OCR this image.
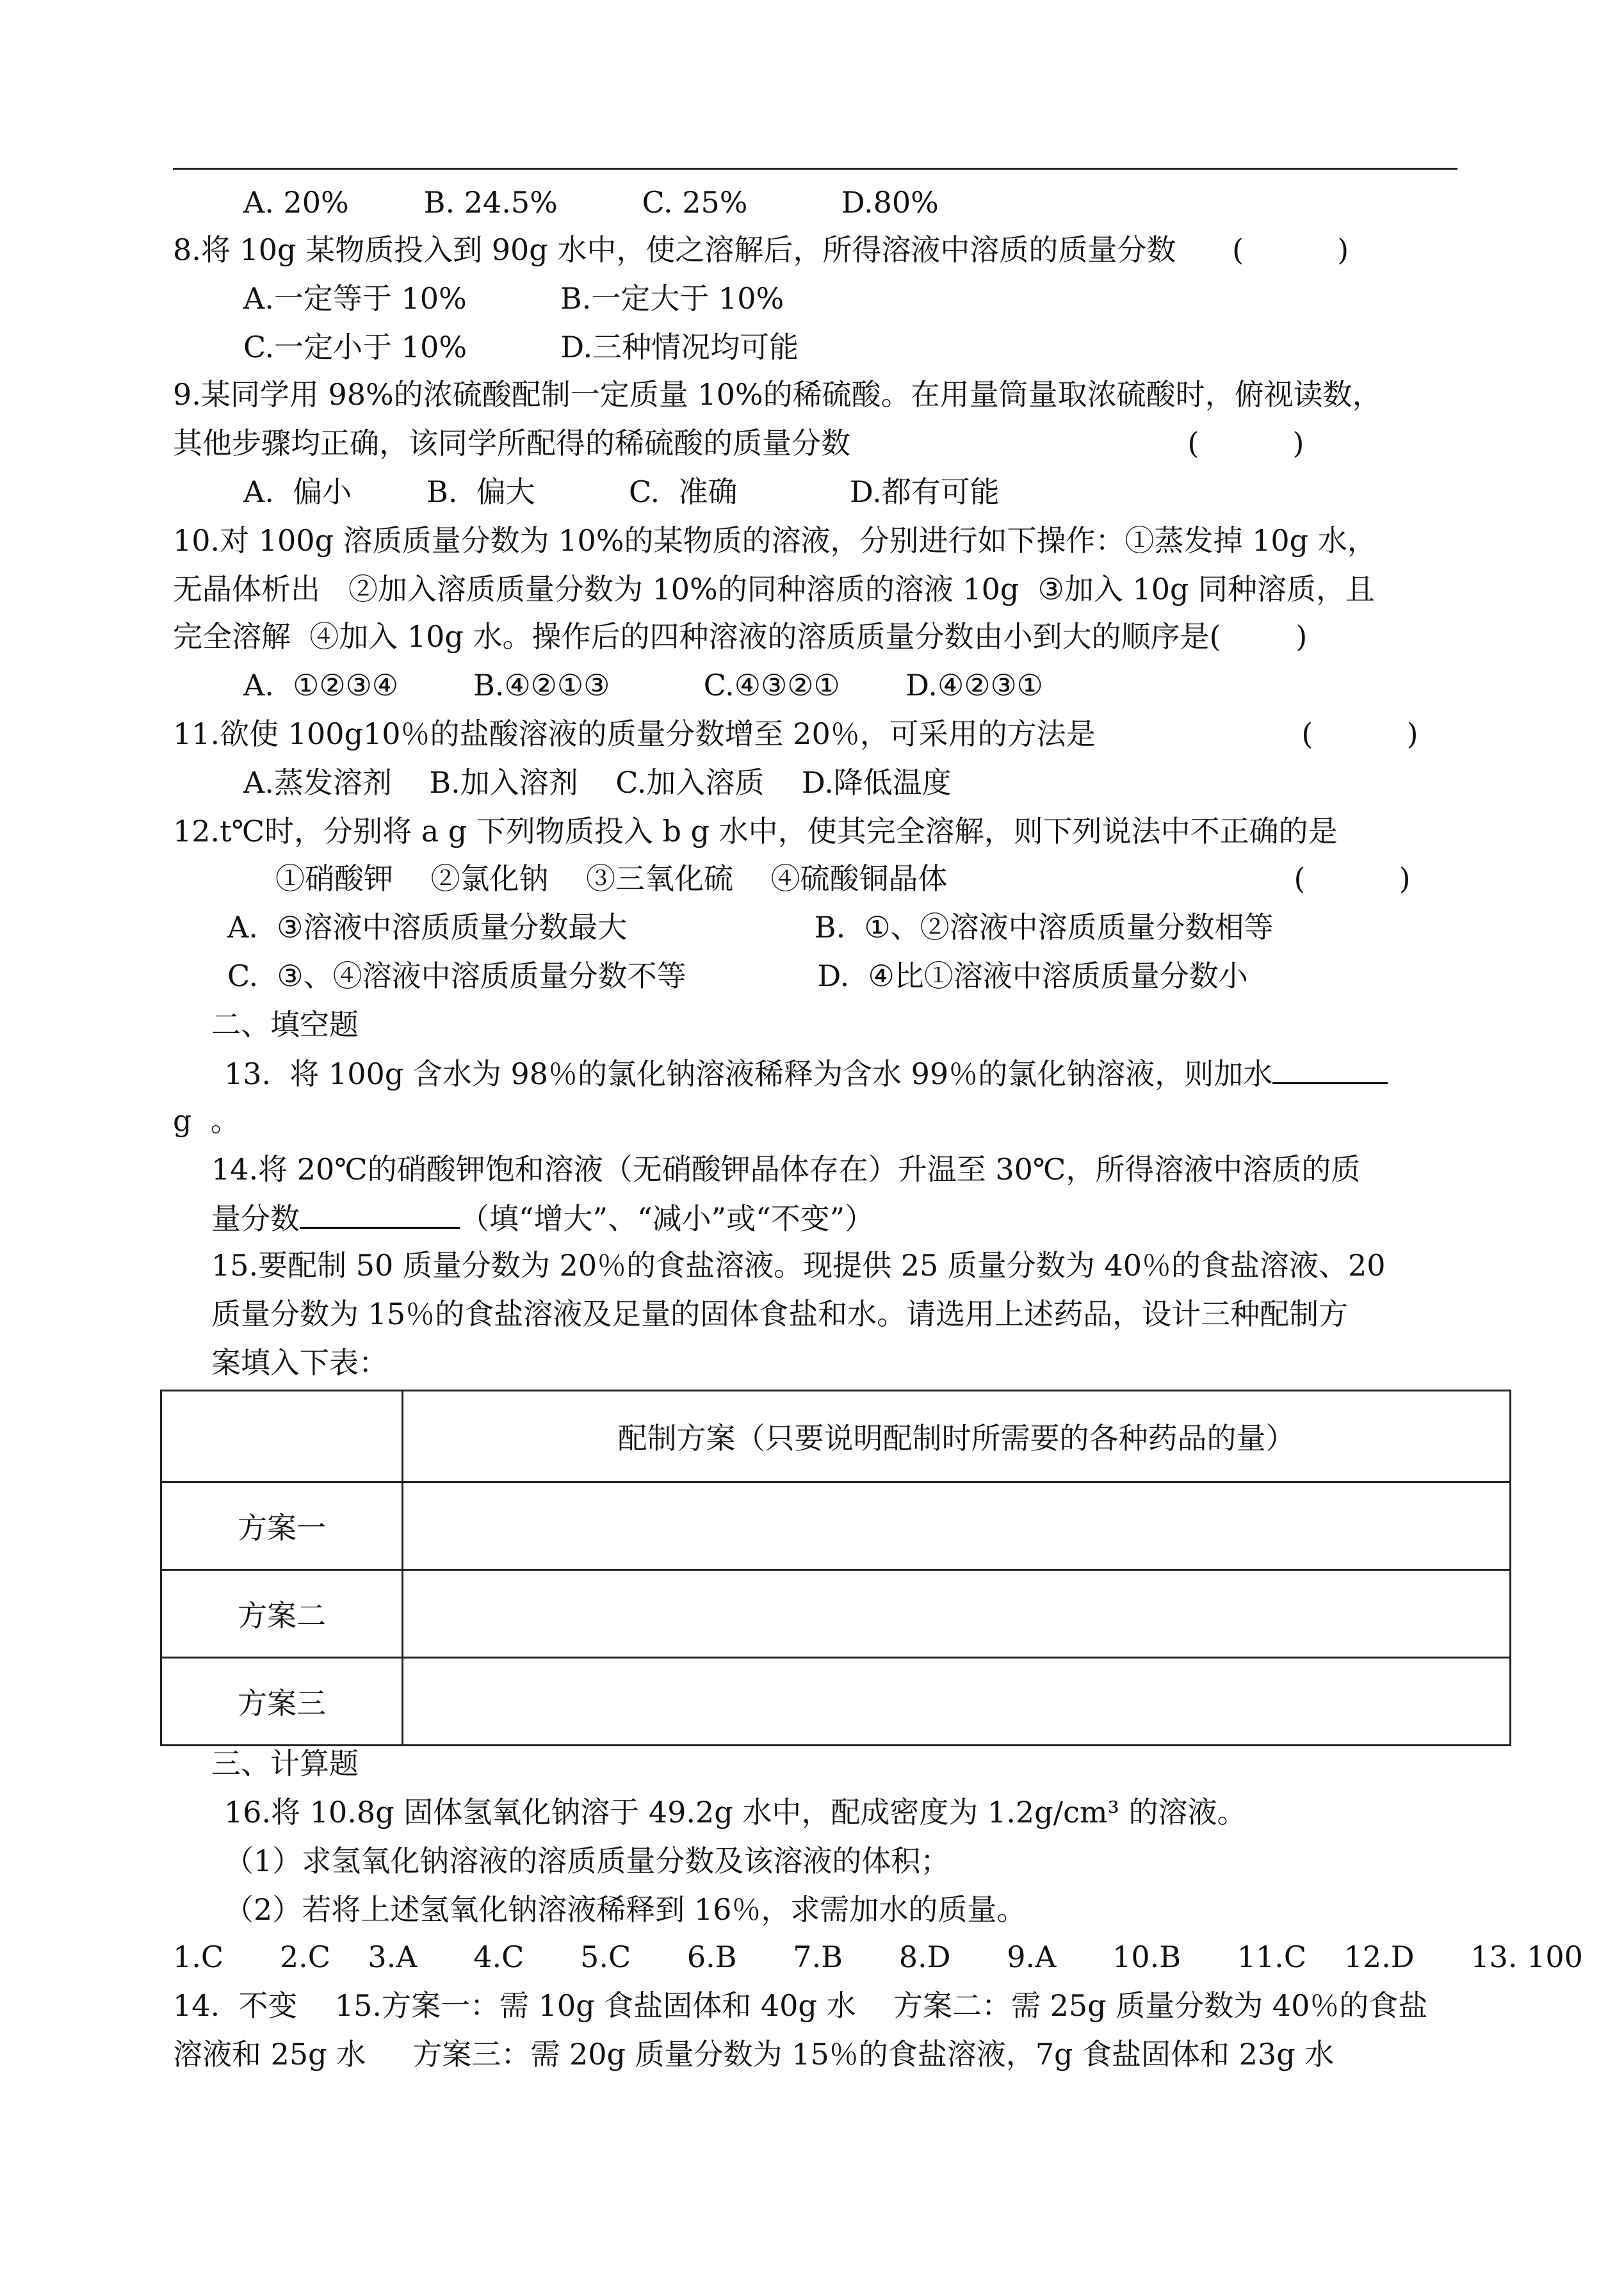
A. 20%        B. 24.5%         C. 25%          D.80%
8.将 10g 某物质投入到 90g 水中，使之溶解后，所得溶液中溶质的质量分数      (          )
A.一定等于 10%          B.一定大于 10%
C.一定小于 10%          D.三种情况均可能
9.某同学用 98%的浓硫酸配制一定质量 10%的稀硫酸。在用量筒量取浓硫酸时，俯视读数，
其他步骤均正确，该同学所配得的稀硫酸的质量分数                                    (          )
A.  偏小        B.  偏大          C.  准确            D.都有可能
10.对 100g 溶质质量分数为 10%的某物质的溶液，分别进行如下操作：①蒸发掉 10g 水，
无晶体析出   ②加入溶质质量分数为 10%的同种溶质的溶液 10g  ③加入 10g 同种溶质，且
完全溶解  ④加入 10g 水。操作后的四种溶液的溶质质量分数由小到大的顺序是(        )
A.  ①②③④        B.④②①③          C.④③②①       D.④②③①
11.欲使 100g10％的盐酸溶液的质量分数增至 20％，可采用的方法是                      (          )
A.蒸发溶剂    B.加入溶剂    C.加入溶质    D.降低温度
12.t℃时，分别将 a g 下列物质投入 b g 水中，使其完全溶解，则下列说法中不正确的是
①硝酸钾    ②氯化钠    ③三氧化硫    ④硫酸铜晶体                                     (          )
A.  ③溶液中溶质质量分数最大                    B.  ①、②溶液中溶质质量分数相等
C.  ③、④溶液中溶质质量分数不等              D.  ④比①溶液中溶质质量分数小
二、填空题
13.  将 100g 含水为 98％的氯化钠溶液稀释为含水 99％的氯化钠溶液，则加水
g  。
14.将 20℃的硝酸钾饱和溶液（无硝酸钾晶体存在）升温至 30℃，所得溶液中溶质的质
量分数	（填“增大”、“减小”或“不变”）
15.要配制 50 质量分数为 20％的食盐溶液。现提供 25 质量分数为 40％的食盐溶液、20
质量分数为 15％的食盐溶液及足量的固体食盐和水。请选用上述药品，设计三种配制方
案填入下表：
	配制方案（只要说明配制时所需要的各种药品的量）
方案一	
方案二	
方案三	
三、计算题
16.将 10.8g 固体氢氧化钠溶于 49.2g 水中，配成密度为 1.2g/cm³ 的溶液。
（1）求氢氧化钠溶液的溶质质量分数及该溶液的体积；
（2）若将上述氢氧化钠溶液稀释到 16％，求需加水的质量。
1.C      2.C    3.A      4.C      5.C      6.B      7.B      8.D      9.A      10.B      11.C    12.D      13. 100
14.  不变    15.方案一：需 10g 食盐固体和 40g 水    方案二：需 25g 质量分数为 40％的食盐
溶液和 25g 水     方案三：需 20g 质量分数为 15％的食盐溶液，7g 食盐固体和 23g 水
